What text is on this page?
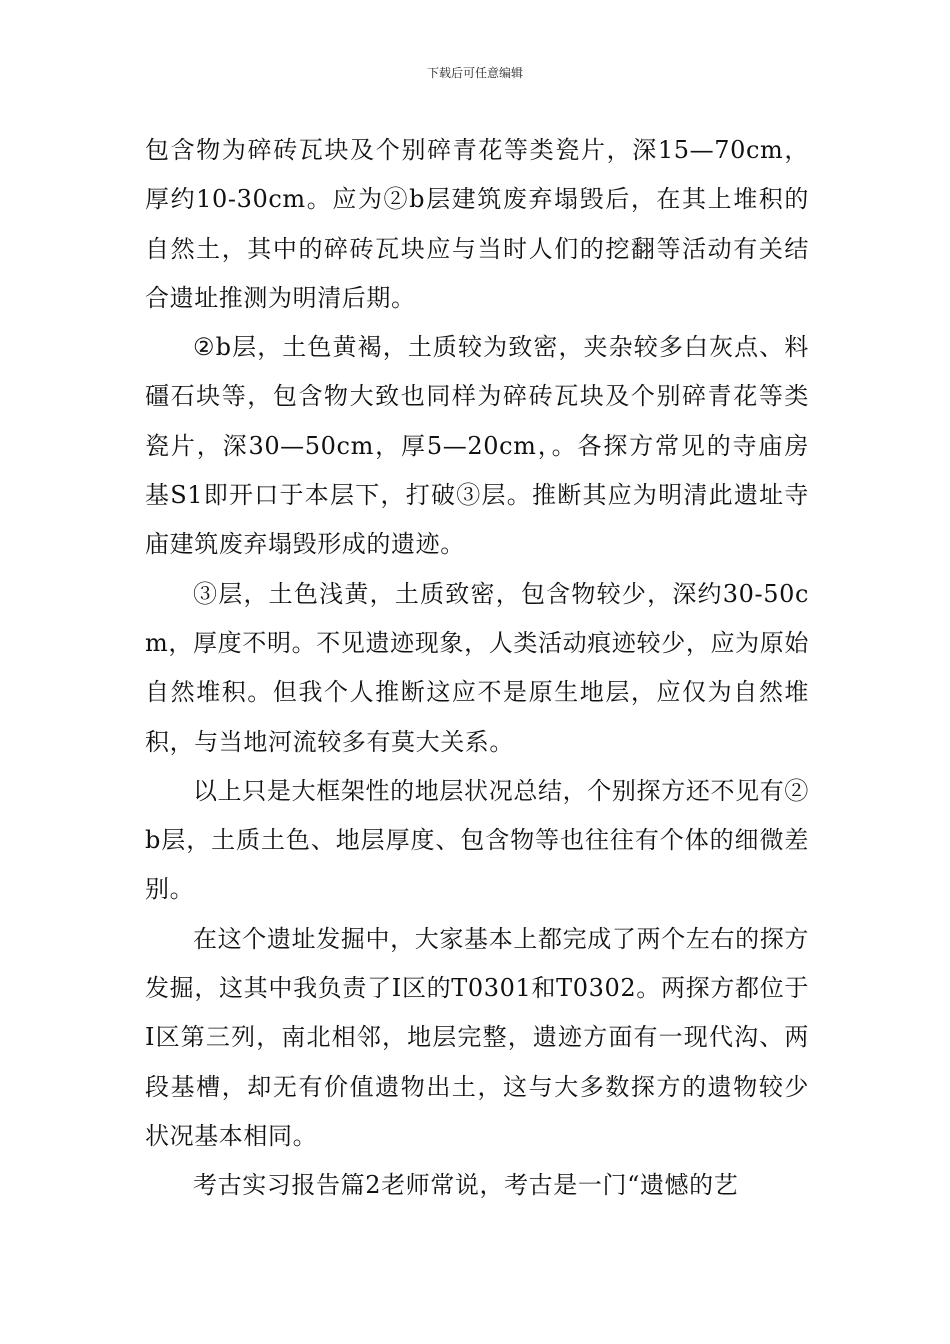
下载后可任意编辑

包含物为碎砖瓦块及个别碎青花等类瓷片，深15—70cm，厚约10-30cm。应为②b层建筑废弃塌毁后，在其上堆积的自然土，其中的碎砖瓦块应与当时人们的挖翻等活动有关结合遗址推测为明清后期。

②b层，土色黄褐，土质较为致密，夹杂较多白灰点、料礓石块等，包含物大致也同样为碎砖瓦块及个别碎青花等类瓷片，深30—50cm，厚5—20cm，。各探方常见的寺庙房基S1即开口于本层下，打破③层。推断其应为明清此遗址寺庙建筑废弃塌毁形成的遗迹。

③层，土色浅黄，土质致密，包含物较少，深约30-50cm，厚度不明。不见遗迹现象，人类活动痕迹较少，应为原始自然堆积。但我个人推断这应不是原生地层，应仅为自然堆积，与当地河流较多有莫大关系。

以上只是大框架性的地层状况总结，个别探方还不见有②b层，土质土色、地层厚度、包含物等也往往有个体的细微差别。

在这个遗址发掘中，大家基本上都完成了两个左右的探方发掘，这其中我负责了Ⅰ区的T0301和T0302。两探方都位于Ⅰ区第三列，南北相邻，地层完整，遗迹方面有一现代沟、两段基槽，却无有价值遗物出土，这与大多数探方的遗物较少状况基本相同。

考古实习报告篇2老师常说，考古是一门“遗憾的艺
